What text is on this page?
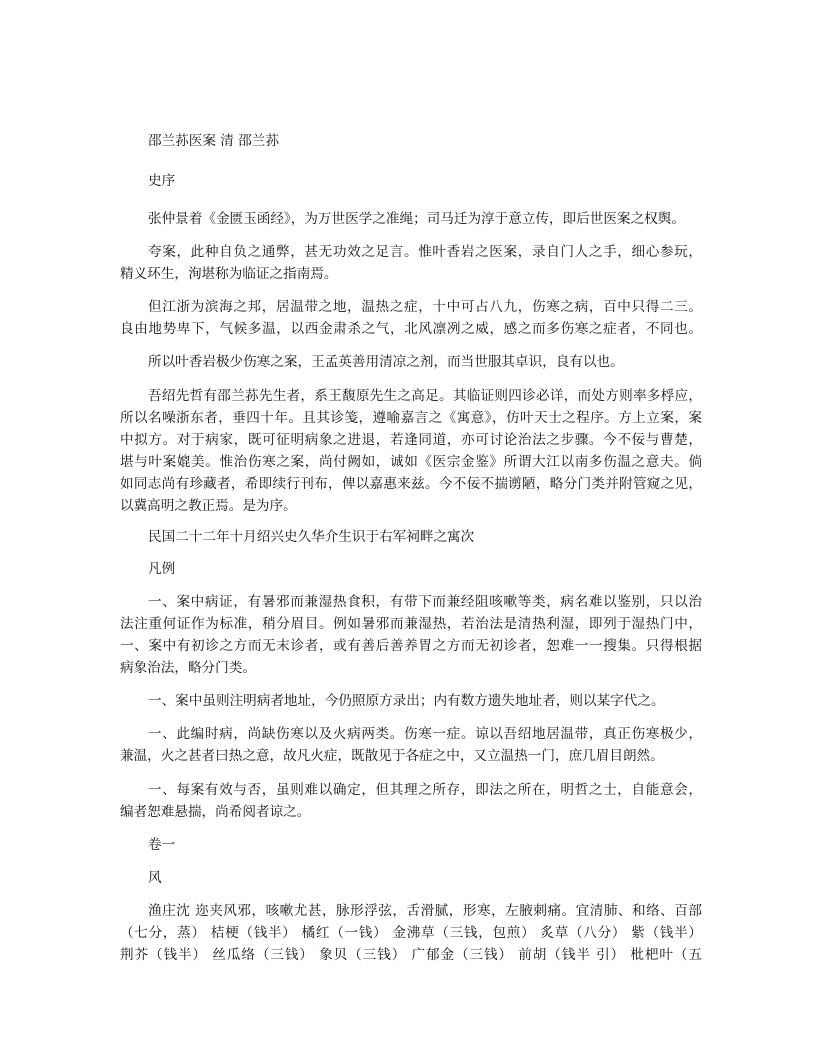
邵兰荪医案 清 邵兰荪
史序
张仲景着《金匮玉函经》，为万世医学之准绳；司马迁为淳于意立传，即后世医案之权舆。
夸案，此种自负之通弊，甚无功效之足言。惟叶香岩之医案，录自门人之手，细心参玩，
精义环生，洵堪称为临证之指南焉。
但江浙为滨海之邦，居温带之地，温热之症，十中可占八九，伤寒之病，百中只得二三。
良由地势卑下，气候多温，以西金肃杀之气，北风凛冽之威，感之而多伤寒之症者，不同也。
所以叶香岩极少伤寒之案，王孟英善用清凉之剂，而当世服其卓识，良有以也。
吾绍先哲有邵兰荪先生者，系王馥原先生之高足。其临证则四诊必详，而处方则率多桴应，
所以名噪浙东者，垂四十年。且其诊笺，遵喻嘉言之《寓意》，仿叶天士之程序。方上立案，案
中拟方。对于病家，既可征明病象之进退，若逢同道，亦可讨论治法之步骤。今不佞与曹楚，
堪与叶案媲美。惟治伤寒之案，尚付阙如，诚如《医宗金鉴》所谓大江以南多伤温之意夫。倘
如同志尚有珍藏者，希即续行刊布，俾以嘉惠来兹。今不佞不揣谫陋，略分门类并附管窥之见，
以冀高明之教正焉。是为序。
民国二十二年十月绍兴史久华介生识于右军祠畔之寓次
凡例
一、案中病证，有暑邪而兼湿热食积，有带下而兼经阻咳嗽等类，病名难以鉴别，只以治
法注重何证作为标准，稍分眉目。例如暑邪而兼湿热，若治法是清热利湿，即列于湿热门中，
一、案中有初诊之方而无末诊者，或有善后善养胃之方而无初诊者，恕难一一搜集。只得根据
病象治法，略分门类。
一、案中虽则注明病者地址，今仍照原方录出；内有数方遗失地址者，则以某字代之。
一、此编时病，尚缺伤寒以及火病两类。伤寒一症。谅以吾绍地居温带，真正伤寒极少，
兼温，火之甚者曰热之意，故凡火症，既散见于各症之中，又立温热一门，庶几眉目朗然。
一、每案有效与否，虽则难以确定，但其理之所存，即法之所在，明哲之士，自能意会，
编者恕难悬揣，尚希阅者谅之。
卷一
风
渔庄沈 迩夹风邪，咳嗽尤甚，脉形浮弦，舌滑腻，形寒，左腋刺痛。宜清肺、和络、百部
（七分，蒸） 桔梗（钱半） 橘红（一钱） 金沸草（三钱，包煎） 炙草（八分） 紫（钱半）
荆芥（钱半） 丝瓜络（三钱） 象贝（三钱） 广郁金（三钱） 前胡（钱半 引） 枇杷叶（五
